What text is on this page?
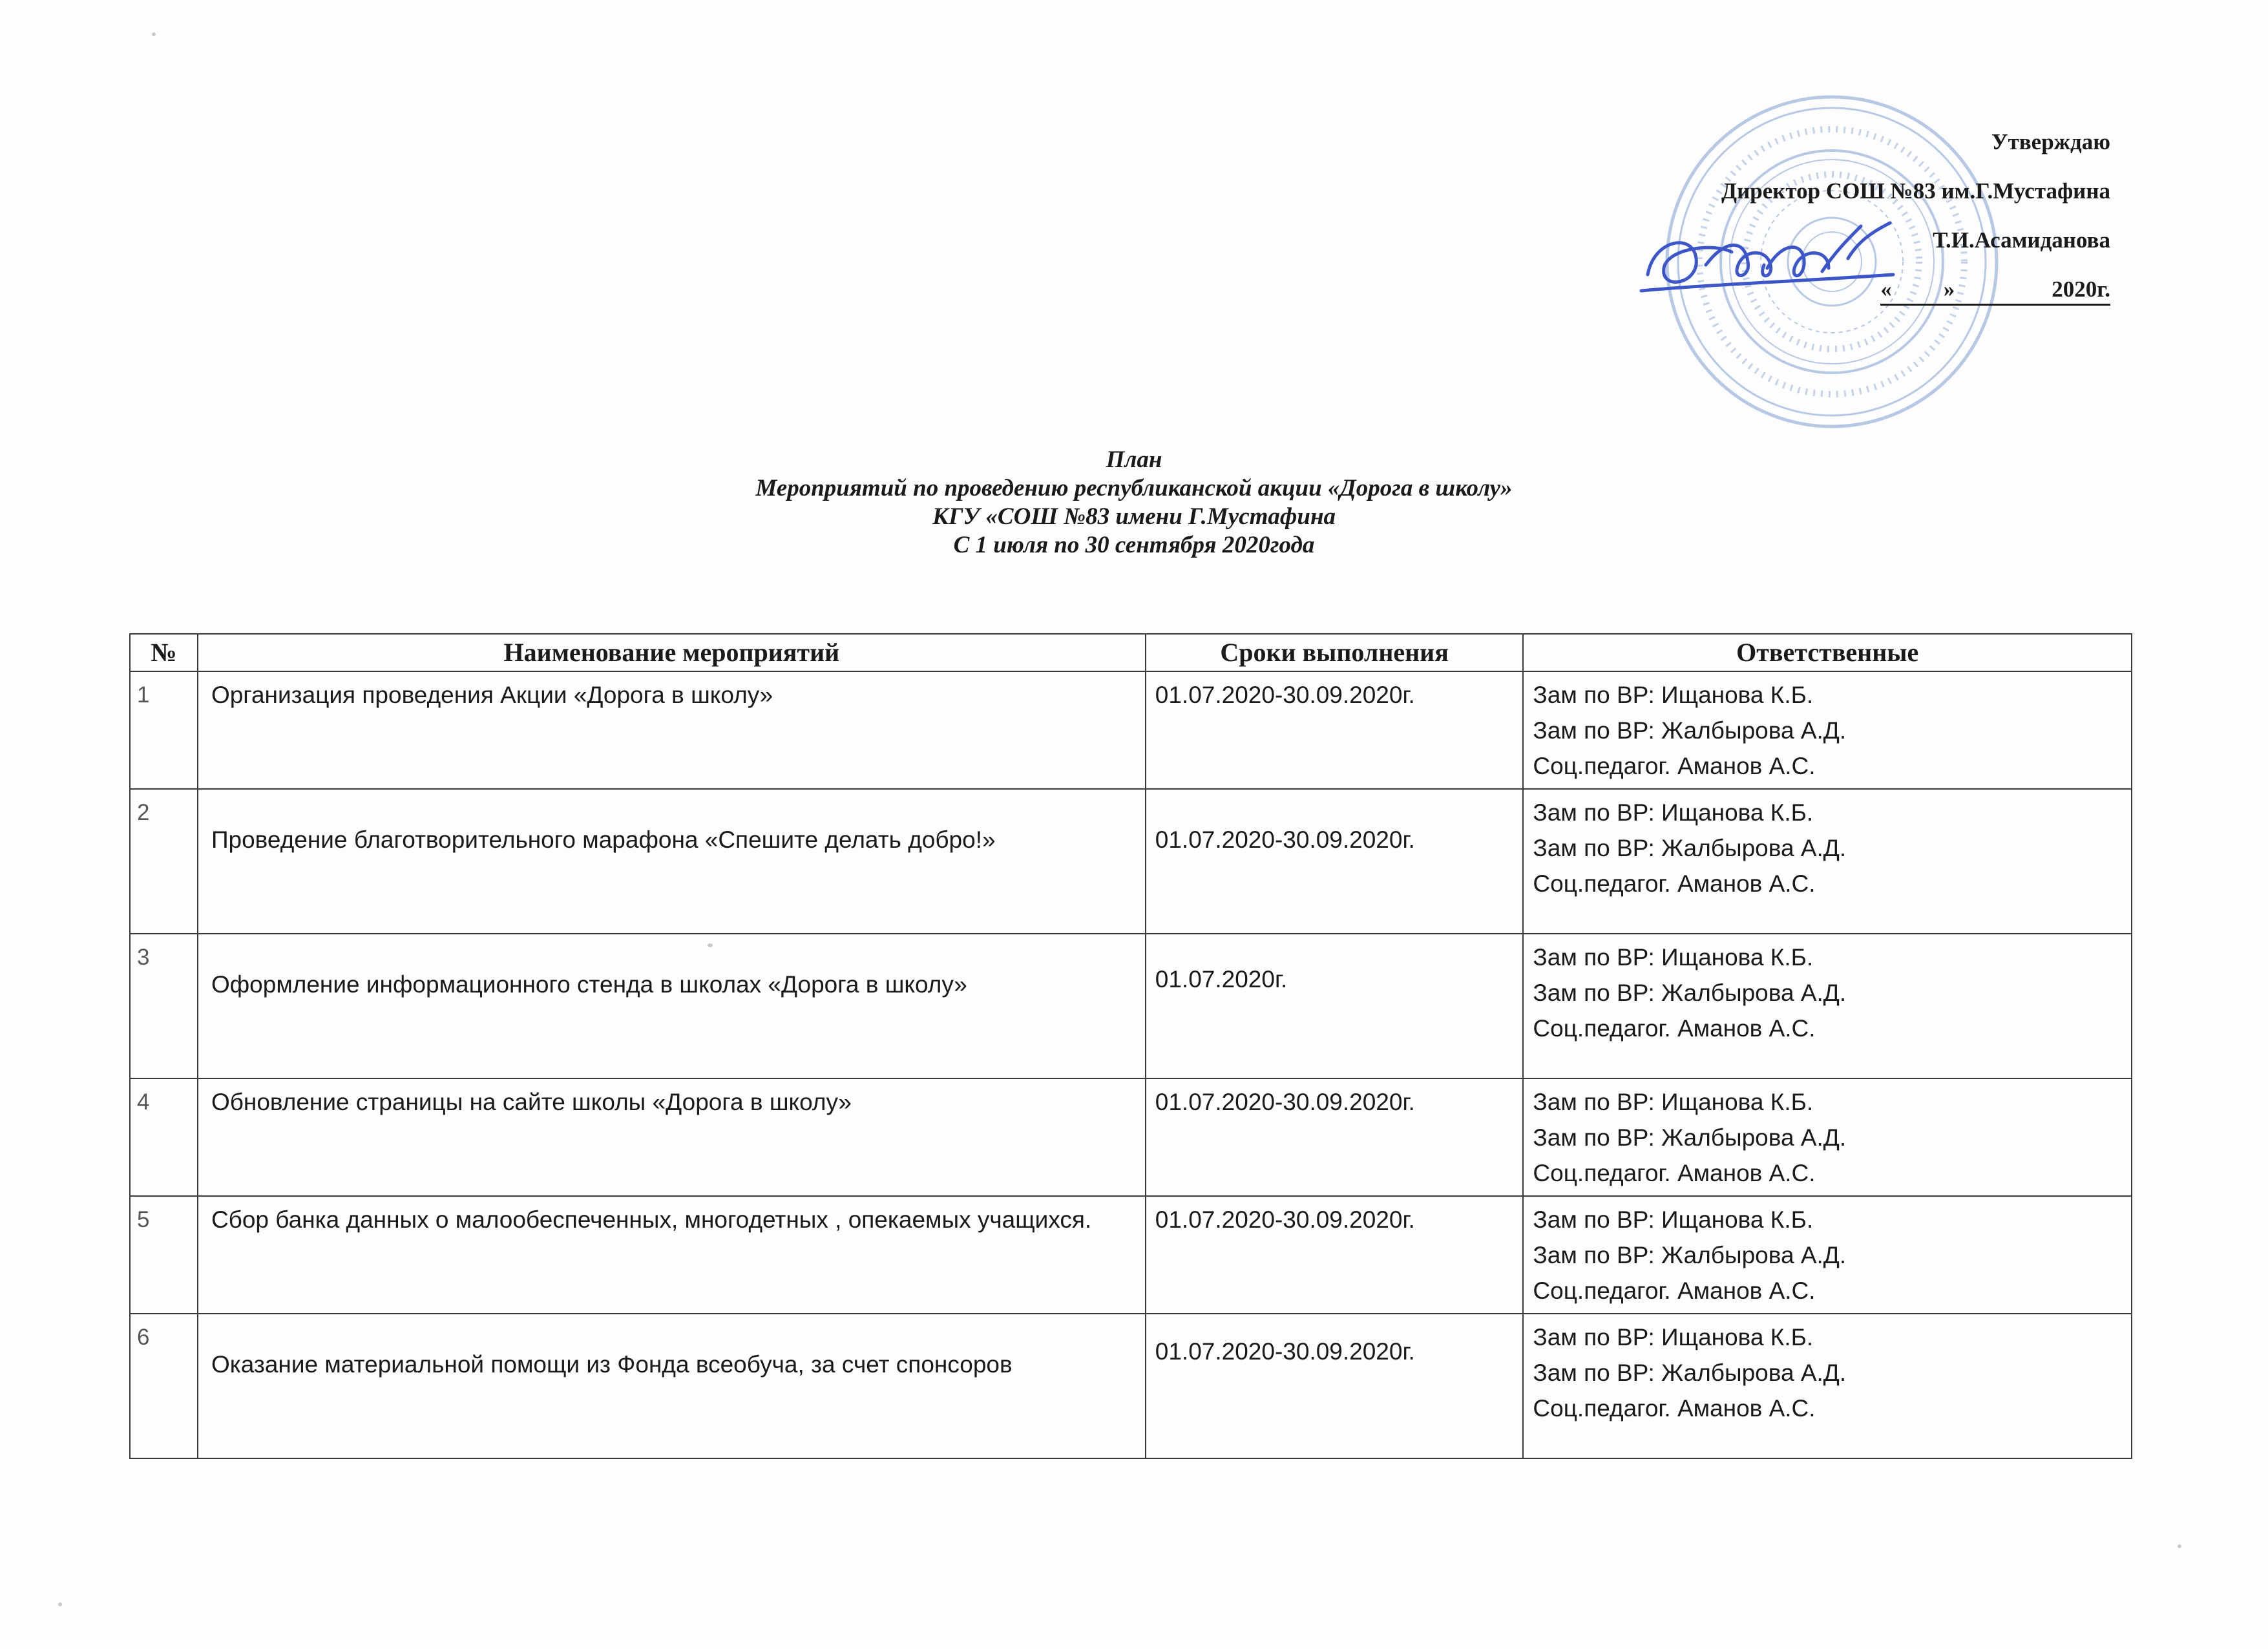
Утверждаю
Директор СОШ №83 им.Г.Мустафина
Т.И.Асамиданова
« »	2020г.
План
Мероприятий по проведению республиканской акции «Дорога в школу»
КГУ «СОШ №83 имени Г.Мустафина
С 1 июля по 30 сентября 2020года
№	Наименование мероприятий	Сроки выполнения	Ответственные
1	Организация проведения Акции «Дорога в школу»	01.07.2020-30.09.2020г.	Зам по ВР: Ищанова К.Б.
Зам по ВР: Жалбырова А.Д.
Соц.педагог. Аманов А.С.

2	Проведение благотворительного марафона «Спешите делать добро!»	01.07.2020-30.09.2020г.	Зам по ВР: Ищанова К.Б.
Зам по ВР: Жалбырова А.Д.
Соц.педагог. Аманов А.С.

3	Оформление информационного стенда в школах «Дорога в школу»	01.07.2020г.	Зам по ВР: Ищанова К.Б.
Зам по ВР: Жалбырова А.Д.
Соц.педагог. Аманов А.С.

4	Обновление страницы на сайте школы «Дорога в школу»	01.07.2020-30.09.2020г.	Зам по ВР: Ищанова К.Б.
Зам по ВР: Жалбырова А.Д.
Соц.педагог. Аманов А.С.

5	Сбор банка данных о малообеспеченных, многодетных , опекаемых учащихся.	01.07.2020-30.09.2020г.	Зам по ВР: Ищанова К.Б.
Зам по ВР: Жалбырова А.Д.
Соц.педагог. Аманов А.С.

6	Оказание материальной помощи из Фонда всеобуча, за счет спонсоров	01.07.2020-30.09.2020г.	Зам по ВР: Ищанова К.Б.
Зам по ВР: Жалбырова А.Д.
Соц.педагог. Аманов А.С.
